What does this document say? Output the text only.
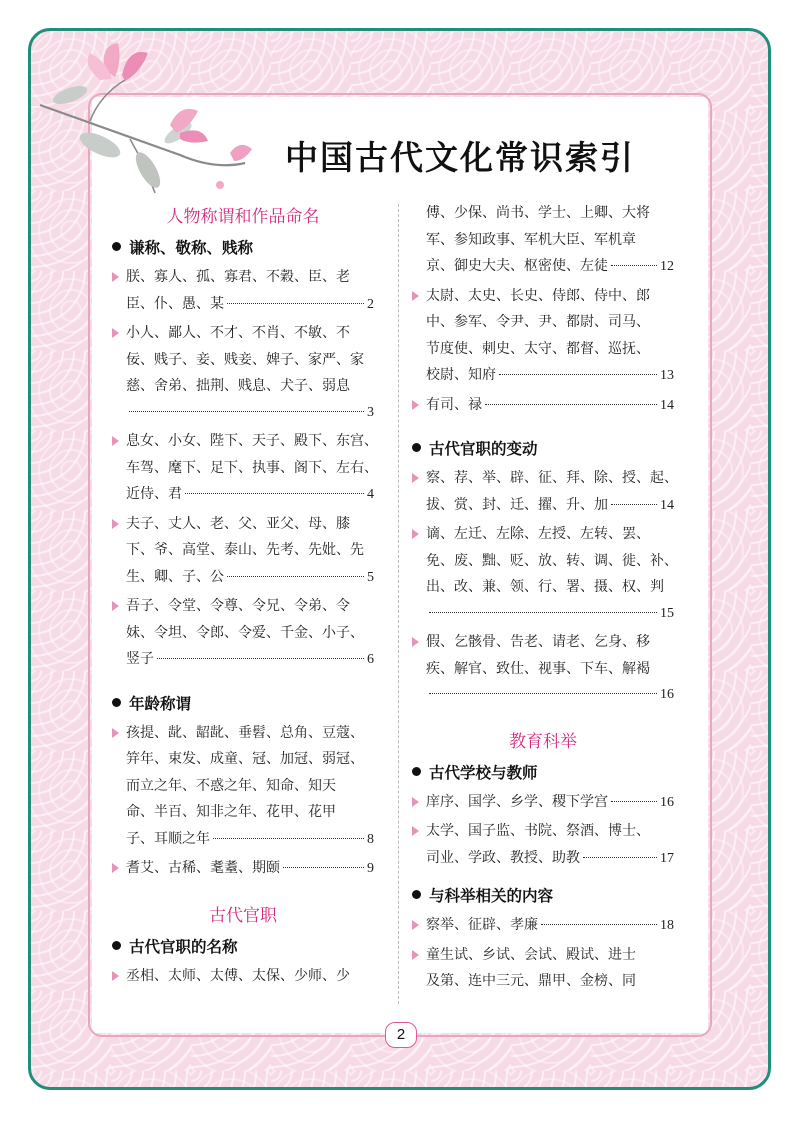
中国古代文化常识索引
人物称谓和作品命名
谦称、敬称、贱称
朕、寡人、孤、寡君、不穀、臣、老
臣、仆、愚、某	2
小人、鄙人、不才、不肖、不敏、不
佞、贱子、妾、贱妾、婢子、家严、家
慈、舍弟、拙荆、贱息、犬子、弱息
3
息女、小女、陛下、天子、殿下、东宫、
车驾、麾下、足下、执事、阁下、左右、
近侍、君	4
夫子、丈人、老、父、亚父、母、膝
下、爷、高堂、泰山、先考、先妣、先
生、卿、子、公	5
吾子、令堂、令尊、令兄、令弟、令
妹、令坦、令郎、令爱、千金、小子、
竖子	6
年龄称谓
孩提、龀、龆龀、垂髫、总角、豆蔻、
笄年、束发、成童、冠、加冠、弱冠、
而立之年、不惑之年、知命、知天
命、半百、知非之年、花甲、花甲
子、耳顺之年	8
耆艾、古稀、耄耋、期颐	9
古代官职
古代官职的名称
丞相、太师、太傅、太保、少师、少
傅、少保、尚书、学士、上卿、大将
军、参知政事、军机大臣、军机章
京、御史大夫、枢密使、左徒	12
太尉、太史、长史、侍郎、侍中、郎
中、参军、令尹、尹、都尉、司马、
节度使、刺史、太守、都督、巡抚、
校尉、知府	13
有司、禄	14
古代官职的变动
察、荐、举、辟、征、拜、除、授、起、
拔、赏、封、迁、擢、升、加	14
谪、左迁、左除、左授、左转、罢、
免、废、黜、贬、放、转、调、徙、补、
出、改、兼、领、行、署、摄、权、判
15
假、乞骸骨、告老、请老、乞身、移
疾、解官、致仕、视事、下车、解褐
16
教育科举
古代学校与教师
庠序、国学、乡学、稷下学宫	16
太学、国子监、书院、祭酒、博士、
司业、学政、教授、助教	17
与科举相关的内容
察举、征辟、孝廉	18
童生试、乡试、会试、殿试、进士
及第、连中三元、鼎甲、金榜、同
2
